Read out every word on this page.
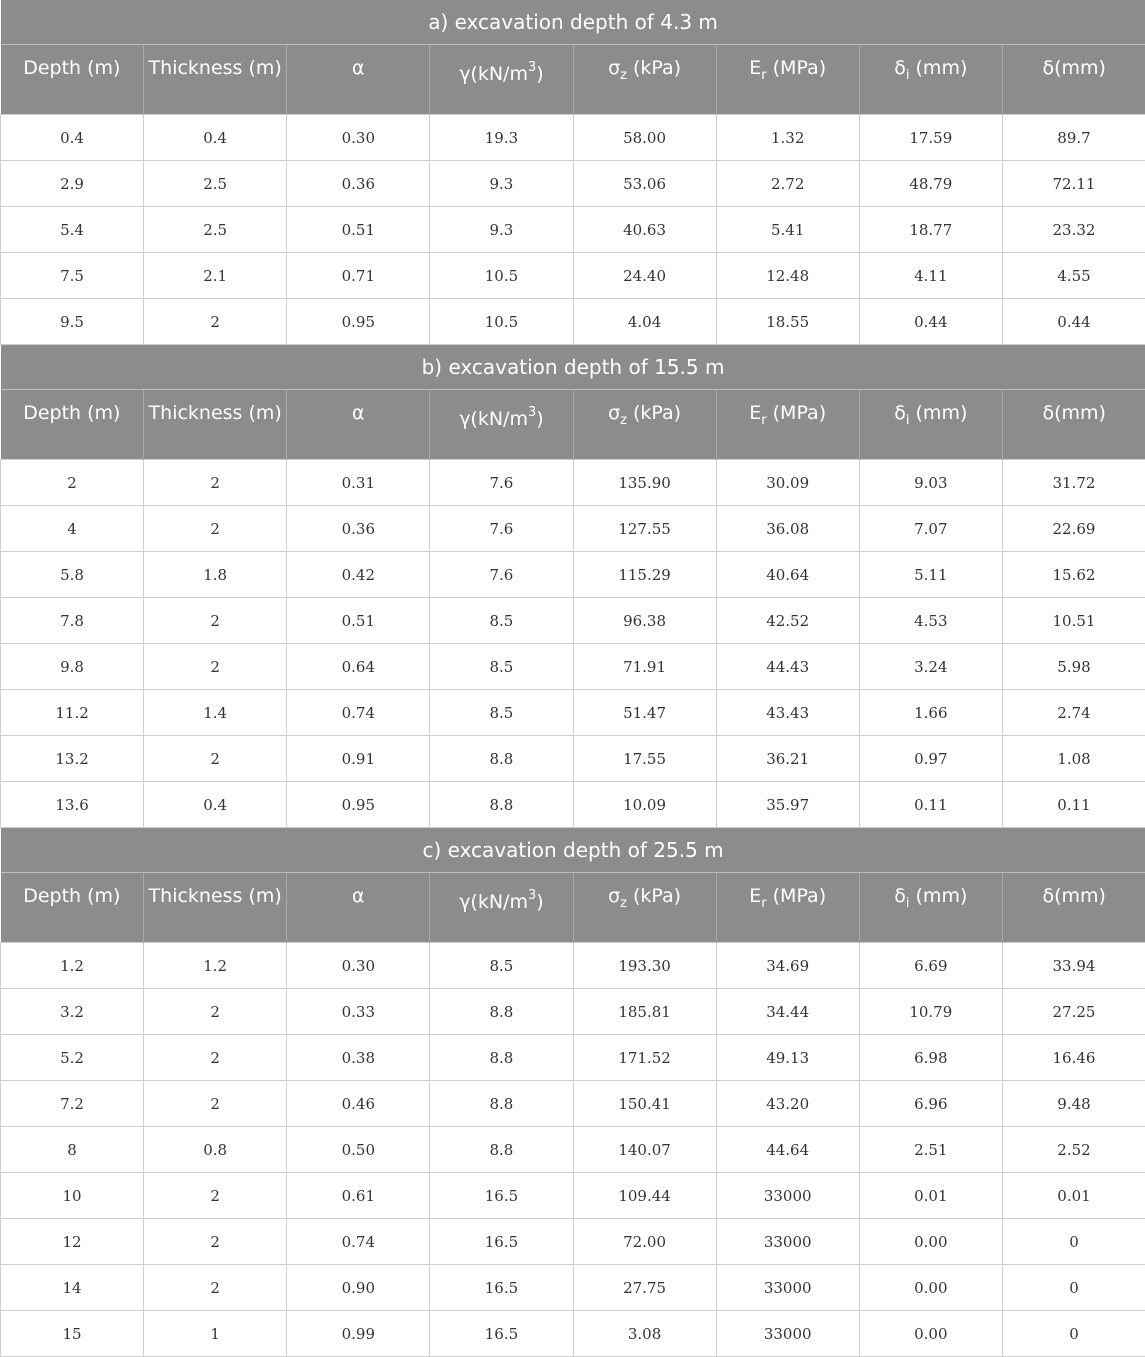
a) excavation depth of 4.3 m							
Depth (m)	Thickness (m)	α	$\gamma(kN/m^3)$	$\sigma_z$ (kPa)	$E_r$ (MPa)	$\delta_i$ (mm)	δ(mm)
0.4	0.4	0.30	19.3	58.00	1.32	17.59	89.7
2.9	2.5	0.36	9.3	53.06	2.72	48.79	72.11
5.4	2.5	0.51	9.3	40.63	5.41	18.77	23.32
7.5	2.1	0.71	10.5	24.40	12.48	4.11	4.55
9.5	2	0.95	10.5	4.04	18.55	0.44	0.44
b) excavation depth of 15.5 m							
Depth (m)	Thickness (m)	α	$\gamma(kN/m^3)$	$\sigma_z$ (kPa)	$E_r$ (MPa)	$\delta_i$ (mm)	δ(mm)
2	2	0.31	7.6	135.90	30.09	9.03	31.72
4	2	0.36	7.6	127.55	36.08	7.07	22.69
5.8	1.8	0.42	7.6	115.29	40.64	5.11	15.62
7.8	2	0.51	8.5	96.38	42.52	4.53	10.51
9.8	2	0.64	8.5	71.91	44.43	3.24	5.98
11.2	1.4	0.74	8.5	51.47	43.43	1.66	2.74
13.2	2	0.91	8.8	17.55	36.21	0.97	1.08
13.6	0.4	0.95	8.8	10.09	35.97	0.11	0.11
c) excavation depth of 25.5 m							
Depth (m)	Thickness (m)	α	$\gamma(kN/m^3)$	$\sigma_z$ (kPa)	$E_r$ (MPa)	$\delta_i$ (mm)	δ(mm)
1.2	1.2	0.30	8.5	193.30	34.69	6.69	33.94
3.2	2	0.33	8.8	185.81	34.44	10.79	27.25
5.2	2	0.38	8.8	171.52	49.13	6.98	16.46
7.2	2	0.46	8.8	150.41	43.20	6.96	9.48
8	0.8	0.50	8.8	140.07	44.64	2.51	2.52
10	2	0.61	16.5	109.44	33000	0.01	0.01
12	2	0.74	16.5	72.00	33000	0.00	0
14	2	0.90	16.5	27.75	33000	0.00	0
15	1	0.99	16.5	3.08	33000	0.00	0
